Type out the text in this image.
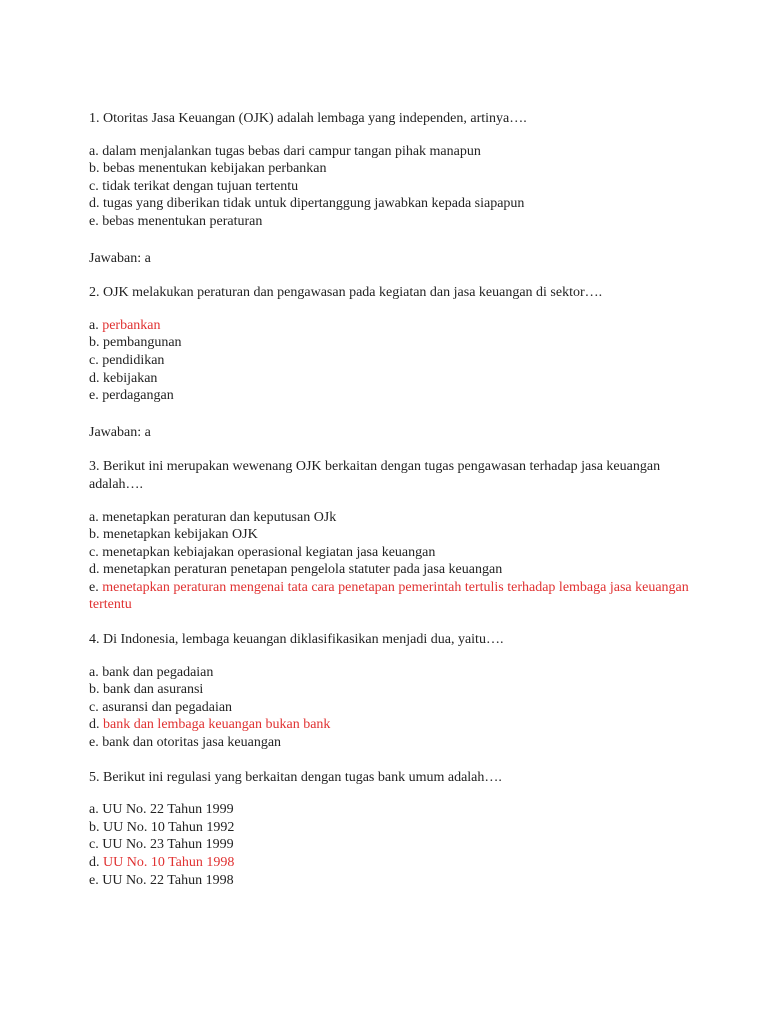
1. Otoritas Jasa Keuangan (OJK) adalah lembaga yang independen, artinya….

a. dalam menjalankan tugas bebas dari campur tangan pihak manapun
b. bebas menentukan kebijakan perbankan
c. tidak terikat dengan tujuan tertentu
d. tugas yang diberikan tidak untuk dipertanggung jawabkan kepada siapapun
e. bebas menentukan peraturan

Jawaban: a

2. OJK melakukan peraturan dan pengawasan pada kegiatan dan jasa keuangan di sektor….

a. perbankan
b. pembangunan
c. pendidikan
d. kebijakan
e. perdagangan

Jawaban: a

3. Berikut ini merupakan wewenang OJK berkaitan dengan tugas pengawasan terhadap jasa keuangan adalah….

a. menetapkan peraturan dan keputusan OJk
b. menetapkan kebijakan OJK
c. menetapkan kebiajakan operasional kegiatan jasa keuangan
d. menetapkan peraturan penetapan pengelola statuter pada jasa keuangan
e. menetapkan peraturan mengenai tata cara penetapan pemerintah tertulis terhadap lembaga jasa keuangan tertentu

4. Di Indonesia, lembaga keuangan diklasifikasikan menjadi dua, yaitu….

a. bank dan pegadaian
b. bank dan asuransi
c. asuransi dan pegadaian
d. bank dan lembaga keuangan bukan bank
e. bank dan otoritas jasa keuangan

5. Berikut ini regulasi yang berkaitan dengan tugas bank umum adalah….

a. UU No. 22 Tahun 1999
b. UU No. 10 Tahun 1992
c. UU No. 23 Tahun 1999
d. UU No. 10 Tahun 1998
e. UU No. 22 Tahun 1998
